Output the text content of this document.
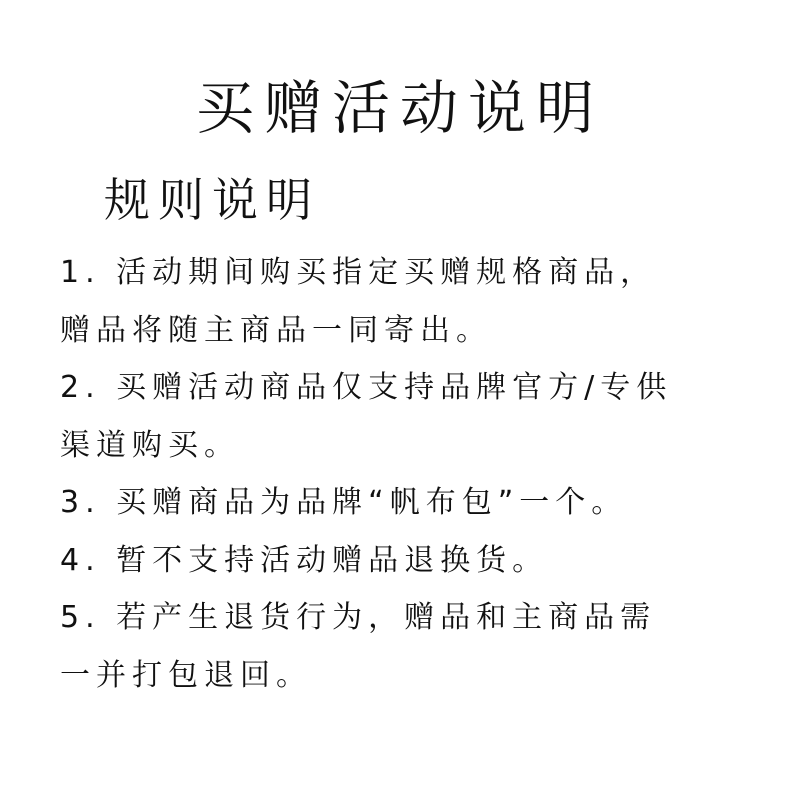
买赠活动说明
规则说明

1. 活动期间购买指定买赠规格商品，

赠品将随主商品一同寄出。

2. 买赠活动商品仅支持品牌官方/专供

渠道购买。

3. 买赠商品为品牌“帆布包”一个。

4. 暂不支持活动赠品退换货。

5. 若产生退货行为，赠品和主商品需

一并打包退回。
